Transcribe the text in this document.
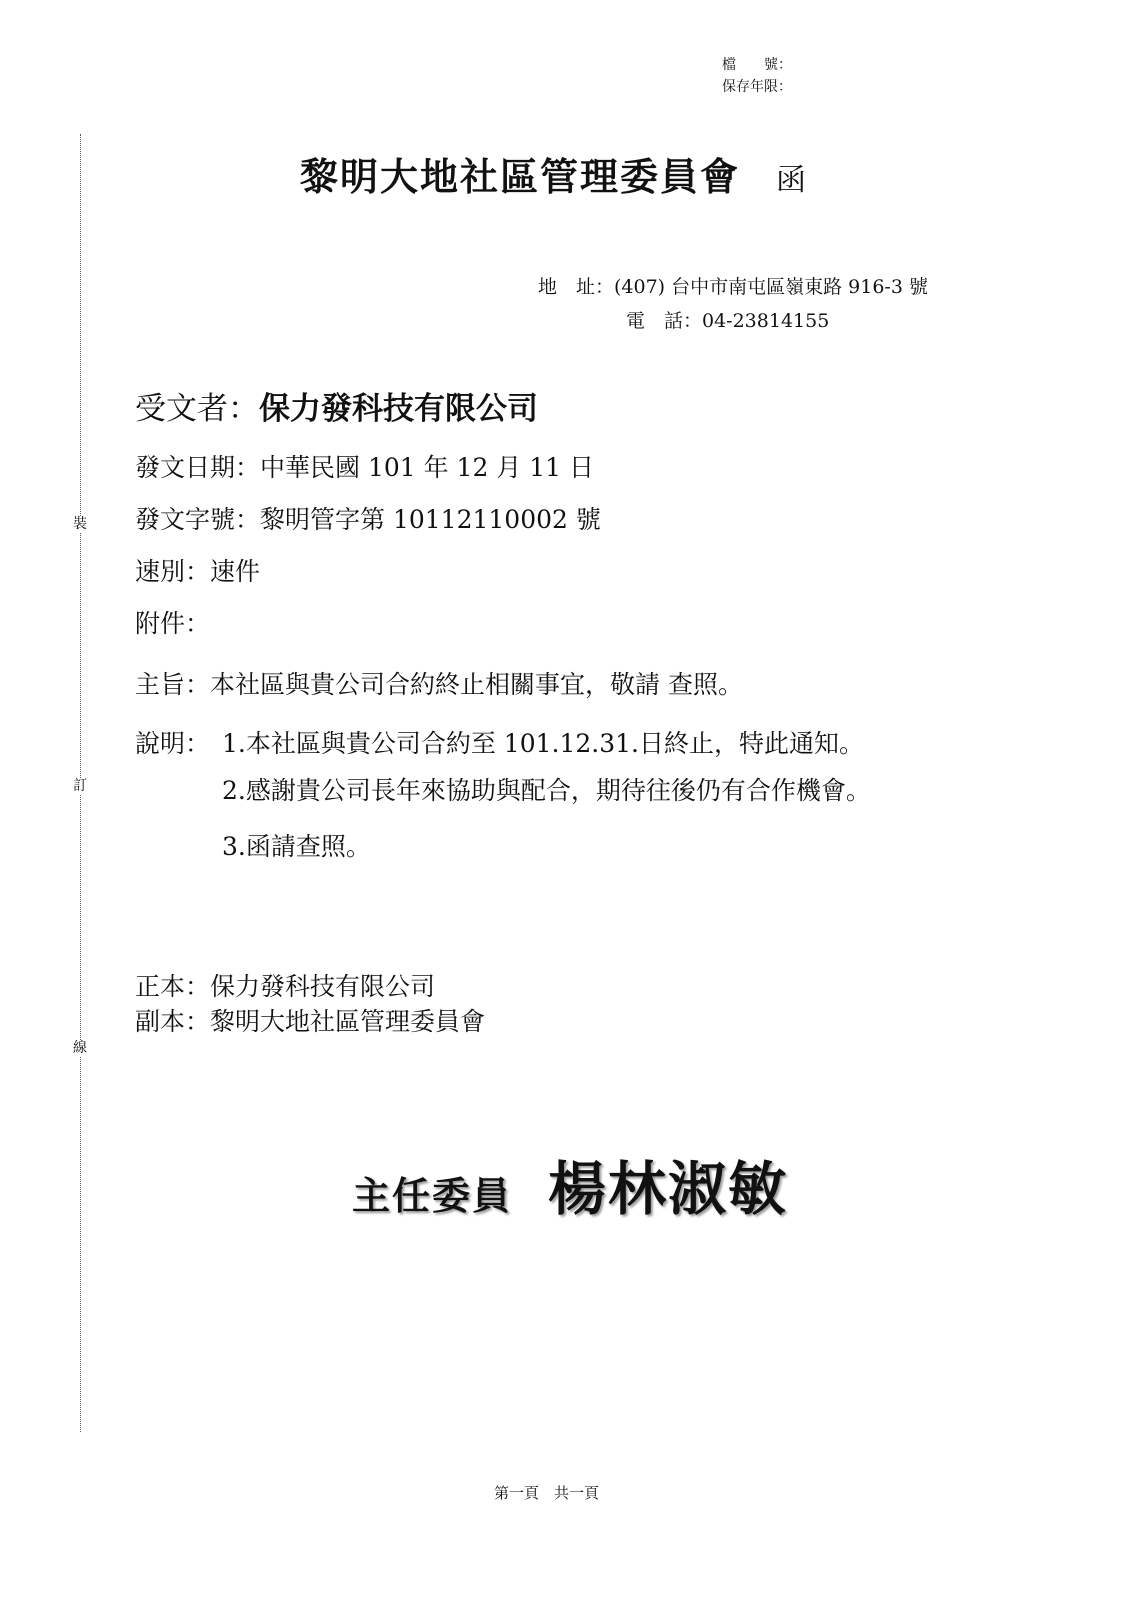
檔　　號：
保存年限：
裝
訂
線
黎明大地社區管理委員會 函
地　址：(407) 台中市南屯區嶺東路 916-3 號
電　話：04-23814155
受文者：保力發科技有限公司
發文日期：中華民國 101 年 12 月 11 日
發文字號：黎明管字第 10112110002 號
速別：速件
附件：
主旨：本社區與貴公司合約終止相關事宜，敬請 查照。
說明： 1.本社區與貴公司合約至 101.12.31.日終止，特此通知。
2.感謝貴公司長年來協助與配合，期待往後仍有合作機會。
3.函請查照。
正本：保力發科技有限公司
副本：黎明大地社區管理委員會
主任委員 楊林淑敏
第一頁　共一頁
